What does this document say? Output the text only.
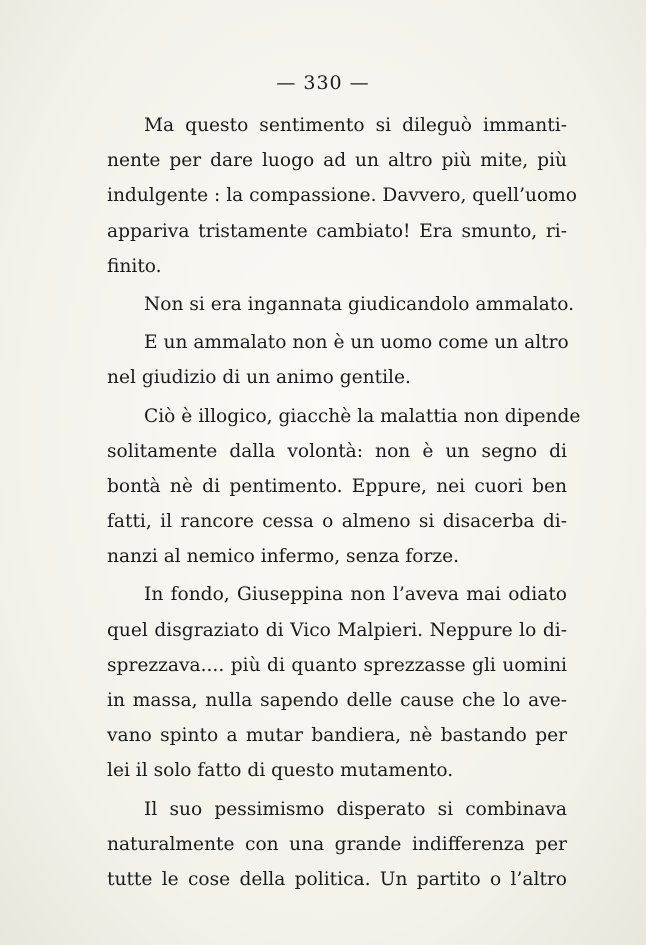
— 330 —
Ma questo sentimento si dileguò immanti-
nente per dare luogo ad un altro più mite, più
indulgente : la compassione. Davvero, quell’uomo
appariva tristamente cambiato! Era smunto, ri-
finito.
Non si era ingannata giudicandolo ammalato.
E un ammalato non è un uomo come un altro
nel giudizio di un animo gentile.
Ciò è illogico, giacchè la malattia non dipende
solitamente dalla volontà: non è un segno di
bontà nè di pentimento. Eppure, nei cuori ben
fatti, il rancore cessa o almeno si disacerba di-
nanzi al nemico infermo, senza forze.
In fondo, Giuseppina non l’aveva mai odiato
quel disgraziato di Vico Malpieri. Neppure lo di-
sprezzava.... più di quanto sprezzasse gli uomini
in massa, nulla sapendo delle cause che lo ave-
vano spinto a mutar bandiera, nè bastando per
lei il solo fatto di questo mutamento.
Il suo pessimismo disperato si combinava
naturalmente con una grande indifferenza per
tutte le cose della politica. Un partito o l’altro
